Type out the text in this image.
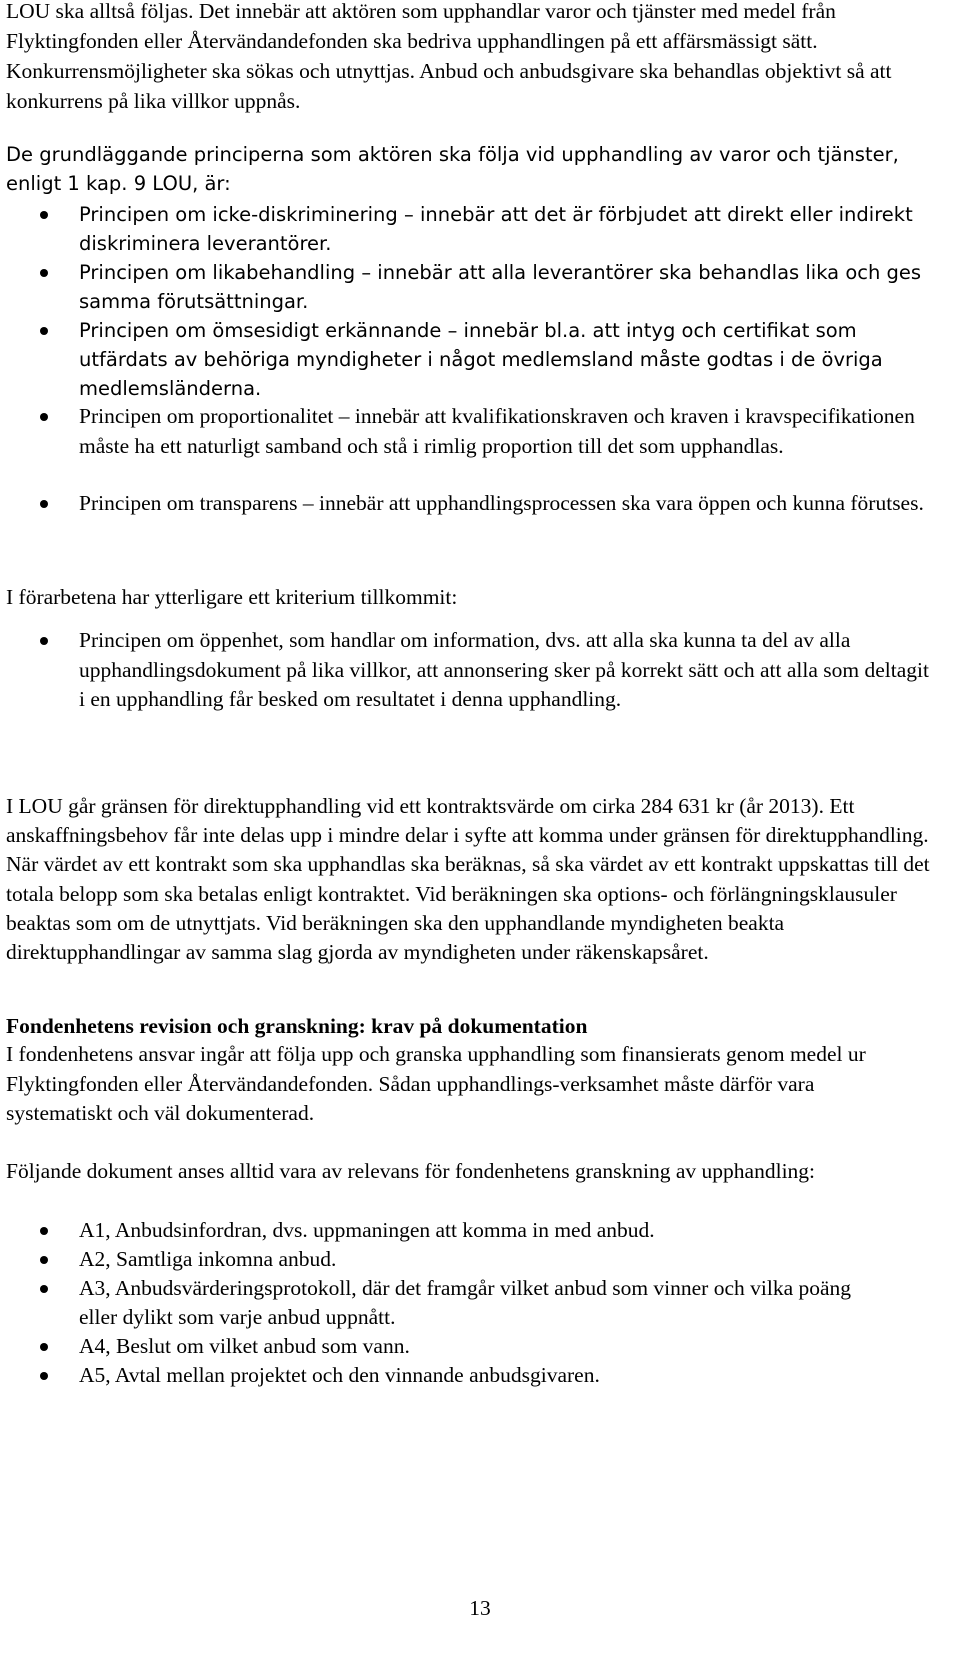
LOU ska alltså följas. Det innebär att aktören som upphandlar varor och tjänster med medel från Flyktingfonden eller Återvändandefonden ska bedriva upphandlingen på ett affärsmässigt sätt. Konkurrensmöjligheter ska sökas och utnyttjas. Anbud och anbudsgivare ska behandlas objektivt så att konkurrens på lika villkor uppnås.

De grundläggande principerna som aktören ska följa vid upphandling av varor och tjänster, enligt 1 kap. 9 LOU, är:

Principen om icke-diskriminering – innebär att det är förbjudet att direkt eller indirekt diskriminera leverantörer.
Principen om likabehandling – innebär att alla leverantörer ska behandlas lika och ges samma förutsättningar.
Principen om ömsesidigt erkännande – innebär bl.a. att intyg och certifikat som utfärdats av behöriga myndigheter i något medlemsland måste godtas i de övriga medlemsländerna.
Principen om proportionalitet – innebär att kvalifikationskraven och kraven i kravspecifikationen måste ha ett naturligt samband och stå i rimlig proportion till det som upphandlas.
Principen om transparens – innebär att upphandlingsprocessen ska vara öppen och kunna förutses.

I förarbetena har ytterligare ett kriterium tillkommit:

Principen om öppenhet, som handlar om information, dvs. att alla ska kunna ta del av alla upphandlingsdokument på lika villkor, att annonsering sker på korrekt sätt och att alla som deltagit i en upphandling får besked om resultatet i denna upphandling.

I LOU går gränsen för direktupphandling vid ett kontraktsvärde om cirka 284 631 kr (år 2013). Ett anskaffningsbehov får inte delas upp i mindre delar i syfte att komma under gränsen för direktupphandling. När värdet av ett kontrakt som ska upphandlas ska beräknas, så ska värdet av ett kontrakt uppskattas till det totala belopp som ska betalas enligt kontraktet. Vid beräkningen ska options- och förlängningsklausuler beaktas som om de utnyttjats. Vid beräkningen ska den upphandlande myndigheten beakta direktupphandlingar av samma slag gjorda av myndigheten under räkenskapsåret.

Fondenhetens revision och granskning: krav på dokumentation

I fondenhetens ansvar ingår att följa upp och granska upphandling som finansierats genom medel ur Flyktingfonden eller Återvändandefonden. Sådan upphandlings-verksamhet måste därför vara systematiskt och väl dokumenterad.

Följande dokument anses alltid vara av relevans för fondenhetens granskning av upphandling:

A1, Anbudsinfordran, dvs. uppmaningen att komma in med anbud.
A2, Samtliga inkomna anbud.
A3, Anbudsvärderingsprotokoll, där det framgår vilket anbud som vinner och vilka poäng eller dylikt som varje anbud uppnått.
A4, Beslut om vilket anbud som vann.
A5, Avtal mellan projektet och den vinnande anbudsgivaren.
13
